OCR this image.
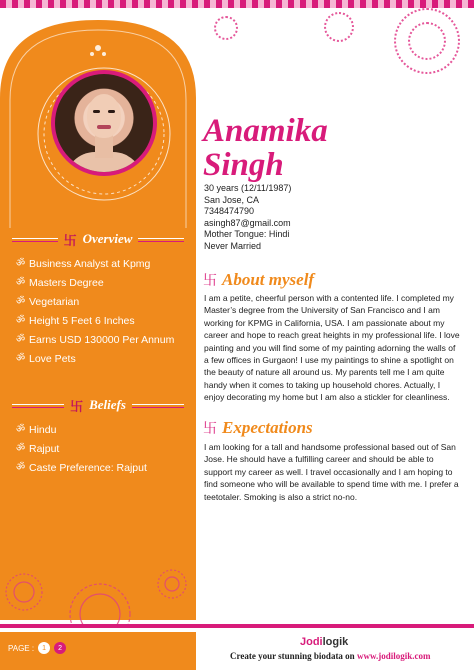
卐 Overview
ॐ Business Analyst at Kpmg
ॐ Masters Degree
ॐ Vegetarian
ॐ Height 5 Feet 6 Inches
ॐ Earns USD 130000 Per Annum
ॐ Love Pets
卐 Beliefs
ॐ Hindu
ॐ Rajput
ॐ Caste Preference: Rajput
Anamika
Singh
30 years (12/11/1987)
San Jose, CA
7348474790
asingh87@gmail.com
Mother Tongue: Hindi
Never Married
卐 About myself
I am a petite, cheerful person with a contented life. I completed my Master’s degree from the University of San Francisco and I am working for KPMG in California, USA. I am passionate about my career and hope to reach great heights in my professional life. I love painting and you will find some of my painting adorning the walls of a few offices in Gurgaon! I use my paintings to shine a spotlight on the beauty of nature all around us. My parents tell me I am quite handy when it comes to taking up household chores. Actually, I enjoy decorating my home but I am also a stickler for cleanliness.
卐 Expectations
I am looking for a tall and handsome professional based out of San Jose. He should have a fulfilling career and should be able to support my career as well. I travel occasionally and I am hoping to find someone who will be available to spend time with me. I prefer a teetotaler. Smoking is also a strict no-no.
PAGE :	1	2	Jodilogik
Create your stunning biodata on www.jodilogik.com
